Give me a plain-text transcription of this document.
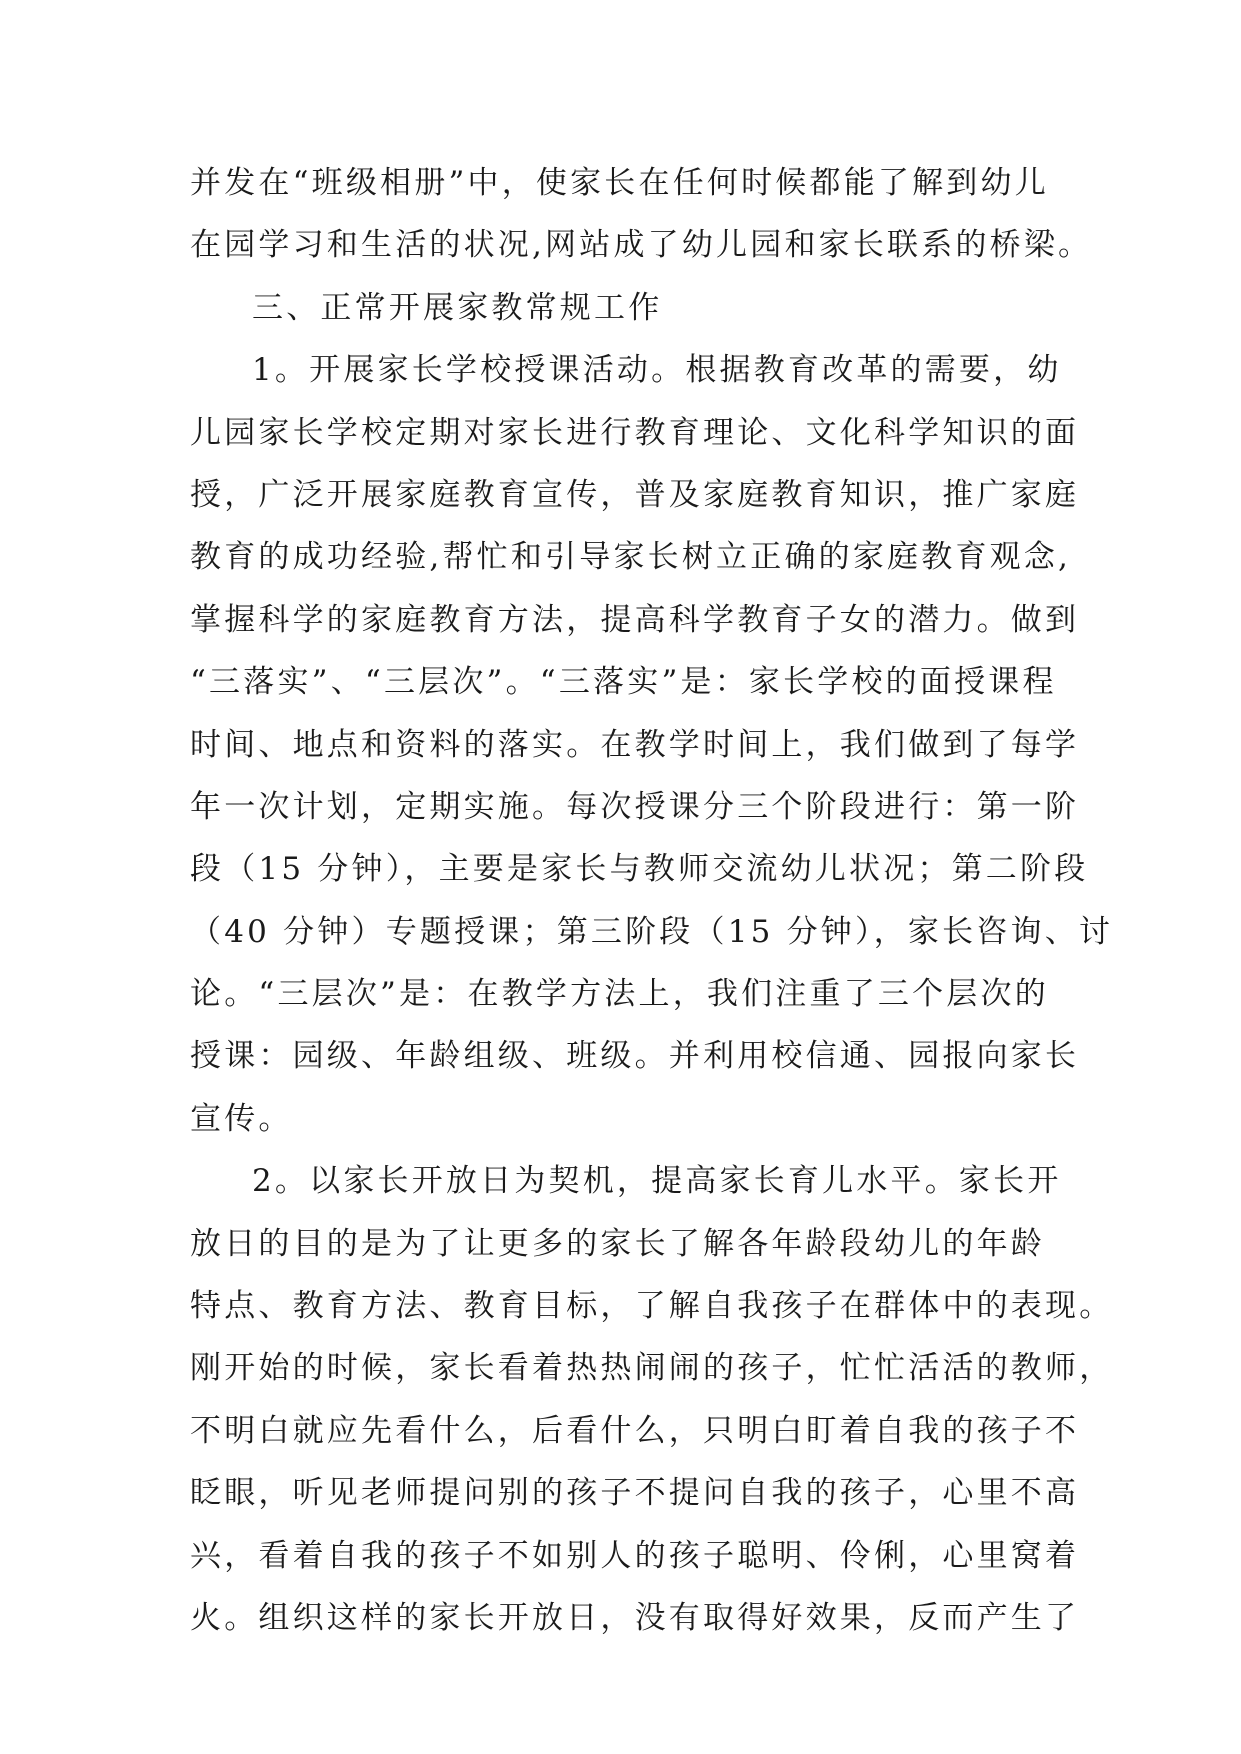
并发在“班级相册”中，使家长在任何时候都能了解到幼儿
在园学习和生活的状况,网站成了幼儿园和家长联系的桥梁。
三、正常开展家教常规工作
1。开展家长学校授课活动。根据教育改革的需要，幼
儿园家长学校定期对家长进行教育理论、文化科学知识的面
授，广泛开展家庭教育宣传，普及家庭教育知识，推广家庭
教育的成功经验,帮忙和引导家长树立正确的家庭教育观念,
掌握科学的家庭教育方法，提高科学教育子女的潜力。做到
“三落实”、“三层次”。“三落实”是：家长学校的面授课程
时间、地点和资料的落实。在教学时间上，我们做到了每学
年一次计划，定期实施。每次授课分三个阶段进行：第一阶
段（15 分钟），主要是家长与教师交流幼儿状况；第二阶段
（40 分钟）专题授课；第三阶段（15 分钟），家长咨询、讨
论。“三层次”是：在教学方法上，我们注重了三个层次的
授课：园级、年龄组级、班级。并利用校信通、园报向家长
宣传。
2。以家长开放日为契机，提高家长育儿水平。家长开
放日的目的是为了让更多的家长了解各年龄段幼儿的年龄
特点、教育方法、教育目标，了解自我孩子在群体中的表现。
刚开始的时候，家长看着热热闹闹的孩子，忙忙活活的教师，
不明白就应先看什么，后看什么，只明白盯着自我的孩子不
眨眼，听见老师提问别的孩子不提问自我的孩子，心里不高
兴，看着自我的孩子不如别人的孩子聪明、伶俐，心里窝着
火。组织这样的家长开放日，没有取得好效果，反而产生了
